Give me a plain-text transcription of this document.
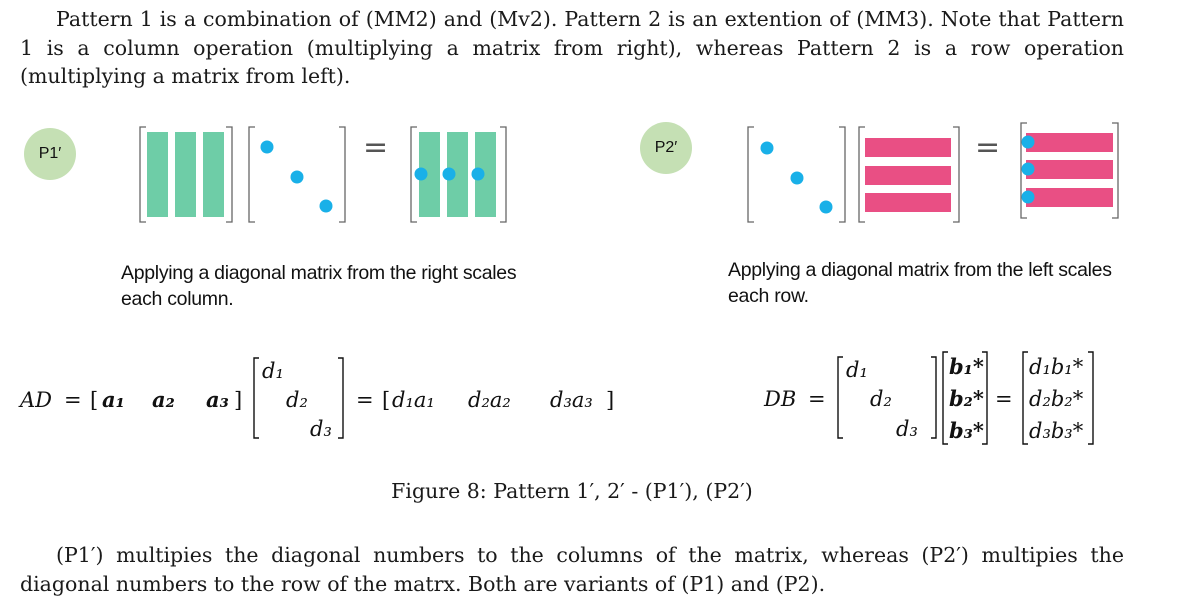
Pattern 1 is a combination of (MM2) and (Mv2). Pattern 2 is an extention of (MM3). Note that Pattern 1 is a column operation (multiplying a matrix from right), whereas Pattern 2 is a row operation (multiplying a matrix from left).
P1′	=	P2′	=
Applying a diagonal matrix from the right scales each column.
Applying a diagonal matrix from the left scales each row.
AD = [ a₁ a₂ a₃ ]
d₁
d₂
d₃
= [ d₁a₁ d₂a₂ d₃a₃ ]	DB =
d₁
d₂
d₃
b₁*
b₂*
b₃*
=
d₁b₁*
d₂b₂*
d₃b₃*
Figure 8: Pattern 1′, 2′ - (P1′), (P2′)
(P1′) multipies the diagonal numbers to the columns of the matrix, whereas (P2′) multipies the diagonal numbers to the row of the matrx. Both are variants of (P1) and (P2).
